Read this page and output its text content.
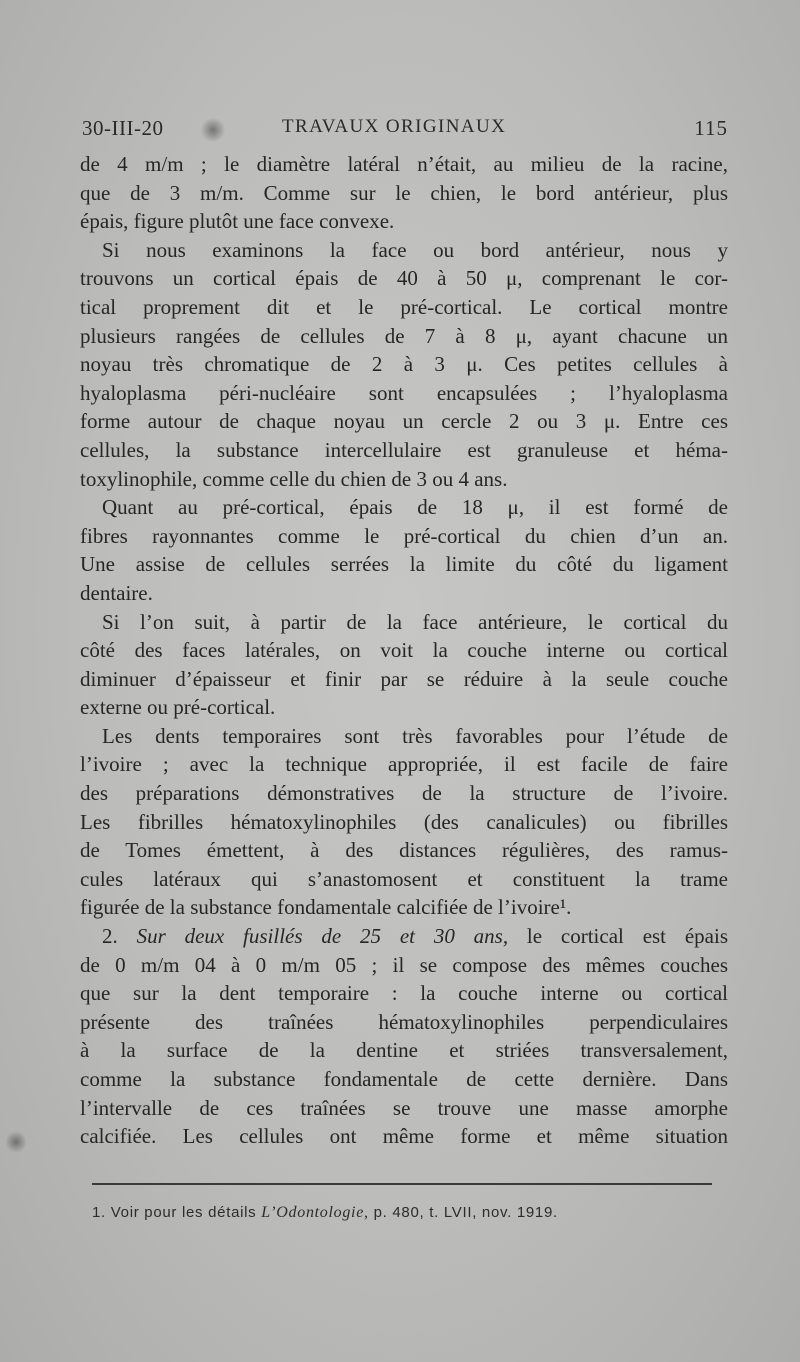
30-III-20	TRAVAUX ORIGINAUX	115
de 4 m/m ; le diamètre latéral n’était, au milieu de la racine,
que de 3 m/m. Comme sur le chien, le bord antérieur, plus
épais, figure plutôt une face convexe.
Si nous examinons la face ou bord antérieur, nous y
trouvons un cortical épais de 40 à 50 μ, comprenant le cor-
tical proprement dit et le pré-cortical. Le cortical montre
plusieurs rangées de cellules de 7 à 8 μ, ayant chacune un
noyau très chromatique de 2 à 3 μ. Ces petites cellules à
hyaloplasma péri-nucléaire sont encapsulées ; l’hyaloplasma
forme autour de chaque noyau un cercle 2 ou 3 μ. Entre ces
cellules, la substance intercellulaire est granuleuse et héma-
toxylinophile, comme celle du chien de 3 ou 4 ans.
Quant au pré-cortical, épais de 18 μ, il est formé de
fibres rayonnantes comme le pré-cortical du chien d’un an.
Une assise de cellules serrées la limite du côté du ligament
dentaire.
Si l’on suit, à partir de la face antérieure, le cortical du
côté des faces latérales, on voit la couche interne ou cortical
diminuer d’épaisseur et finir par se réduire à la seule couche
externe ou pré-cortical.
Les dents temporaires sont très favorables pour l’étude de
l’ivoire ; avec la technique appropriée, il est facile de faire
des préparations démonstratives de la structure de l’ivoire.
Les fibrilles hématoxylinophiles (des canalicules) ou fibrilles
de Tomes émettent, à des distances régulières, des ramus-
cules latéraux qui s’anastomosent et constituent la trame
figurée de la substance fondamentale calcifiée de l’ivoire¹.
2. Sur deux fusillés de 25 et 30 ans, le cortical est épais
de 0 m/m 04 à 0 m/m 05 ; il se compose des mêmes couches
que sur la dent temporaire : la couche interne ou cortical
présente des traînées hématoxylinophiles perpendiculaires
à la surface de la dentine et striées transversalement,
comme la substance fondamentale de cette dernière. Dans
l’intervalle de ces traînées se trouve une masse amorphe
calcifiée. Les cellules ont même forme et même situation
1. Voir pour les détails L’Odontologie, p. 480, t. LVII, nov. 1919.
